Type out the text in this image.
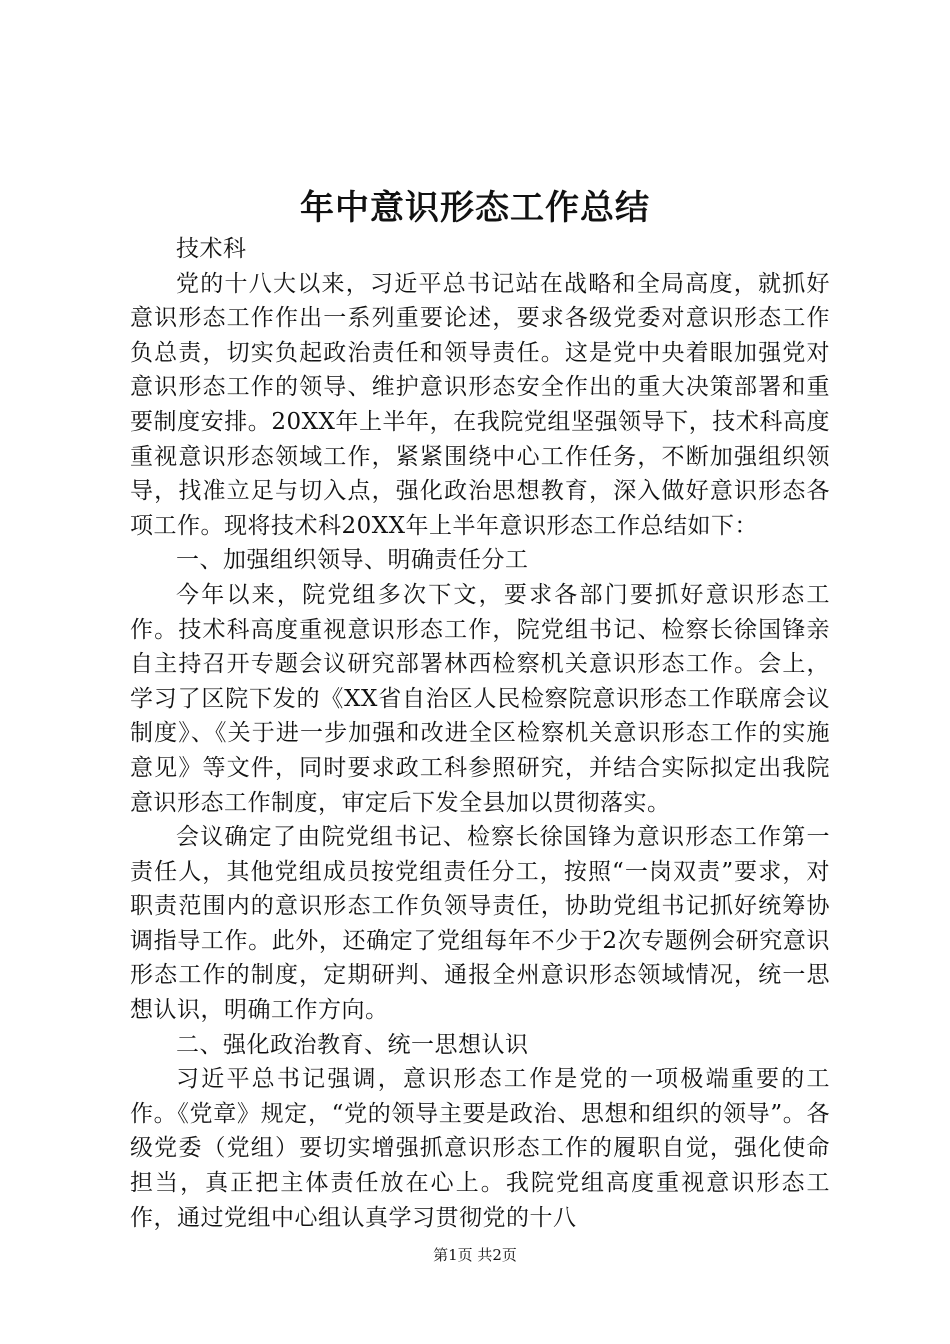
年中意识形态工作总结

技术科

党的十八大以来，习近平总书记站在战略和全局高度，就抓好意识形态工作作出一系列重要论述，要求各级党委对意识形态工作负总责，切实负起政治责任和领导责任。这是党中央着眼加强党对意识形态工作的领导、维护意识形态安全作出的重大决策部署和重要制度安排。20XX年上半年，在我院党组坚强领导下，技术科高度重视意识形态领域工作，紧紧围绕中心工作任务，不断加强组织领导，找准立足与切入点，强化政治思想教育，深入做好意识形态各项工作。现将技术科20XX年上半年意识形态工作总结如下：

一、加强组织领导、明确责任分工

今年以来，院党组多次下文，要求各部门要抓好意识形态工作。技术科高度重视意识形态工作，院党组书记、检察长徐国锋亲自主持召开专题会议研究部署林西检察机关意识形态工作。会上，学习了区院下发的《XX省自治区人民检察院意识形态工作联席会议制度》、《关于进一步加强和改进全区检察机关意识形态工作的实施意见》等文件，同时要求政工科参照研究，并结合实际拟定出我院意识形态工作制度，审定后下发全县加以贯彻落实。

会议确定了由院党组书记、检察长徐国锋为意识形态工作第一责任人，其他党组成员按党组责任分工，按照“一岗双责”要求，对职责范围内的意识形态工作负领导责任，协助党组书记抓好统筹协调指导工作。此外，还确定了党组每年不少于2次专题例会研究意识形态工作的制度，定期研判、通报全州意识形态领域情况，统一思想认识，明确工作方向。

二、强化政治教育、统一思想认识

习近平总书记强调，意识形态工作是党的一项极端重要的工作。《党章》规定，“党的领导主要是政治、思想和组织的领导”。各级党委（党组）要切实增强抓意识形态工作的履职自觉，强化使命担当，真正把主体责任放在心上。我院党组高度重视意识形态工作，通过党组中心组认真学习贯彻党的十八

第1页 共2页
